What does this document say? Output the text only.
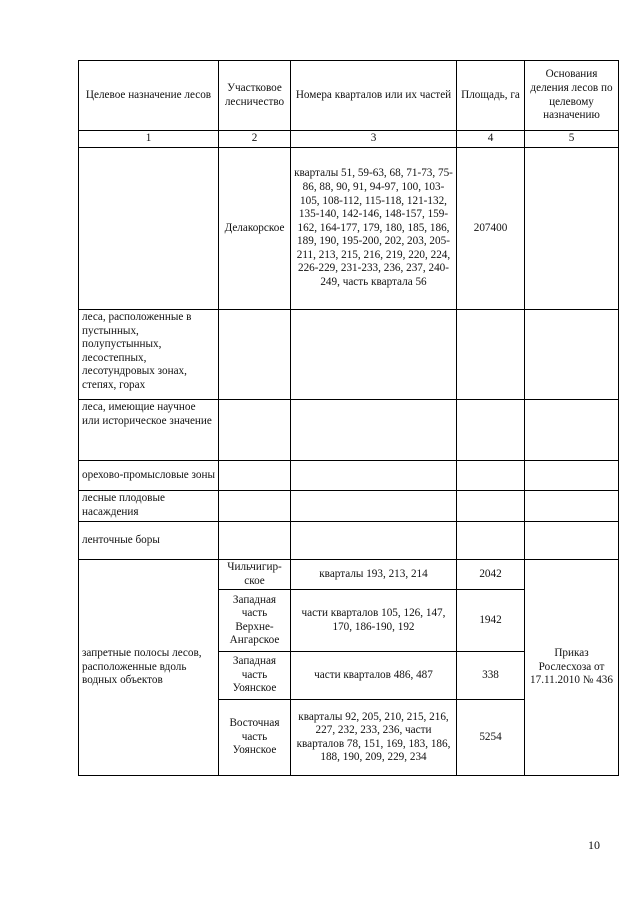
Целевое назначение лесов	Участковое лесничество	Номера кварталов или их частей	Площадь, га	Основания деления лесов по целевому назначению
1	2	3	4	5
	Делакорское	кварталы 51, 59-63, 68, 71-73, 75-86, 88, 90, 91, 94-97, 100, 103-105, 108-112, 115-118, 121-132, 135-140, 142-146, 148-157, 159-162, 164-177, 179, 180, 185, 186, 189, 190, 195-200, 202, 203, 205-211, 213, 215, 216, 219, 220, 224, 226-229, 231-233, 236, 237, 240-249, часть квартала 56	207400	
леса, расположенные в пустынных, полупустынных, лесостепных, лесотундровых зонах, степях, горах				
леса, имеющие научное или историческое значение				
орехово-промысловые зоны				
лесные плодовые насаждения				
ленточные боры				
запретные полосы лесов, расположенные вдоль водных объектов	Чильчигир-ское	кварталы 193, 213, 214	2042	Приказ Рослесхоза от 17.11.2010 № 436
	Западная часть Верхне-Ангарское	части кварталов 105, 126, 147, 170, 186-190, 192	1942	
	Западная часть Уоянское	части кварталов 486, 487	338	
	Восточная часть Уоянское	кварталы 92, 205, 210, 215, 216, 227, 232, 233, 236, части кварталов 78, 151, 169, 183, 186, 188, 190, 209, 229, 234	5254	
10
